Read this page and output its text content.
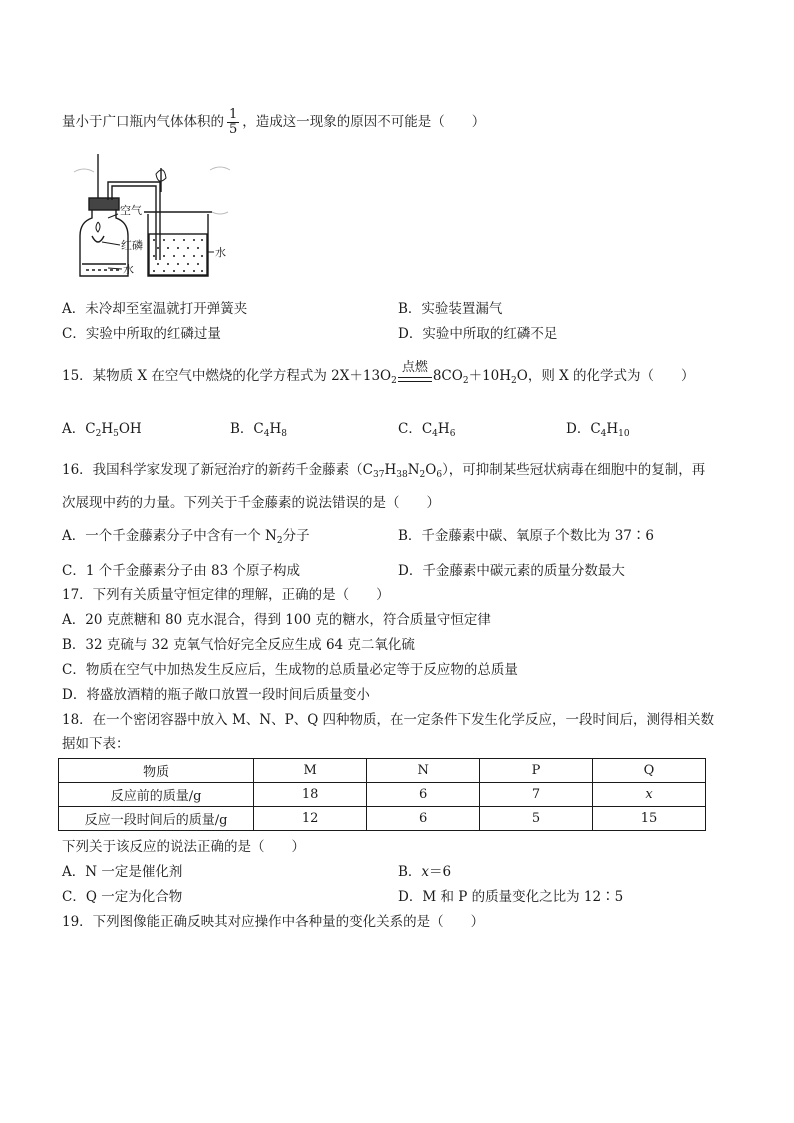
量小于广口瓶内气体体积的 $\frac{1}{5}$ ，造成这一现象的原因不可能是（　　）
空气
红磷
水
水
A．未冷却至室温就打开弹簧夹	B．实验装置漏气
C．实验中所取的红磷过量	D．实验中所取的红磷不足
15．某物质 X 在空气中燃烧的化学方程式为 $2X+13O_2$
点燃
$8CO_2+10H_2O$，则 X 的化学式为（　　）
A．$C_2H_5OH$	B．$C_4H_8$	C．$C_4H_6$	D．$C_4H_{10}$
16．我国科学家发现了新冠治疗的新药千金藤素$(C_{37}H_{38}N_2O_6)$，可抑制某些冠状病毒在细胞中的复制，再
次展现中药的力量。下列关于千金藤素的说法错误的是（　　）
A．一个千金藤素分子中含有一个 $N_2$分子	B．千金藤素中碳、氧原子个数比为 37∶6
C．1 个千金藤素分子由 83 个原子构成	D．千金藤素中碳元素的质量分数最大
17．下列有关质量守恒定律的理解，正确的是（　　）
A．20 克蔗糖和 80 克水混合，得到 100 克的糖水，符合质量守恒定律
B．32 克硫与 32 克氧气恰好完全反应生成 64 克二氧化硫
C．物质在空气中加热发生反应后，生成物的总质量必定等于反应物的总质量
D．将盛放酒精的瓶子敞口放置一段时间后质量变小
18．在一个密闭容器中放入 M、N、P、Q 四种物质，在一定条件下发生化学反应，一段时间后，测得相关数
据如下表：
物质	M	N	P	Q
反应前的质量/g	18	6	7	x
反应一段时间后的质量/g	12	6	5	15
下列关于该反应的说法正确的是（　　）
A．N 一定是催化剂	B．x＝6
C．Q 一定为化合物	D．M 和 P 的质量变化之比为 12∶5
19．下列图像能正确反映其对应操作中各种量的变化关系的是（　　）
